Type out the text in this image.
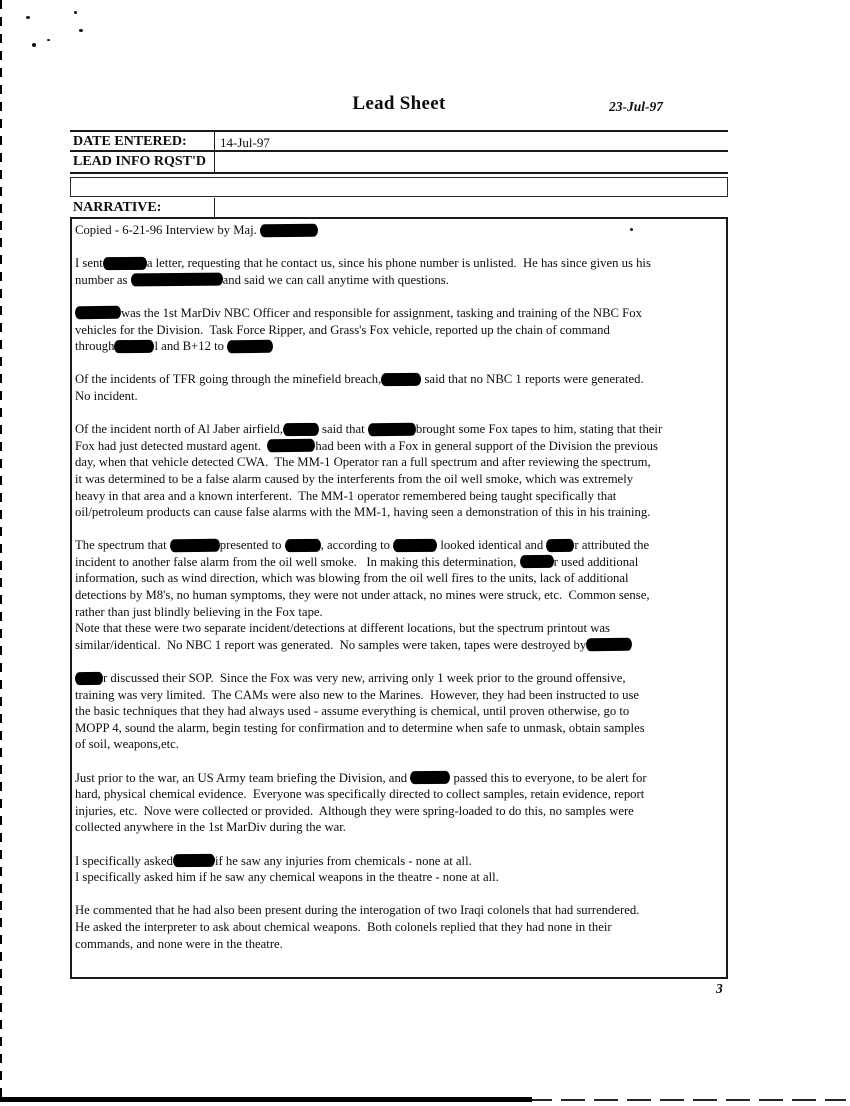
Lead Sheet	23-Jul-97
DATE ENTERED:	14-Jul-97
LEAD INFO RQST'D
NARRATIVE:

Copied - 6-21-96 Interview by Maj.

I sent	a letter, requesting that he contact us, since his phone number is unlisted.  He has since given us his
number as	and said we can call anytime with questions.

was the 1st MarDiv NBC Officer and responsible for assignment, tasking and training of the NBC Fox
vehicles for the Division.  Task Force Ripper, and Grass's Fox vehicle, reported up the chain of command
through	l and B+12 to

Of the incidents of TFR going through the minefield breach,	said that no NBC 1 reports were generated.
No incident.

Of the incident north of Al Jaber airfield,	said that	brought some Fox tapes to him, stating that their
Fox had just detected mustard agent.	had been with a Fox in general support of the Division the previous
day, when that vehicle detected CWA.  The MM-1 Operator ran a full spectrum and after reviewing the spectrum,
it was determined to be a false alarm caused by the interferents from the oil well smoke, which was extremely
heavy in that area and a known interferent.  The MM-1 operator remembered being taught specifically that
oil/petroleum products can cause false alarms with the MM-1, having seen a demonstration of this in his training.

The spectrum that	presented to	, according to	looked identical and r attributed the
incident to another false alarm from the oil well smoke.   In making this determination,	r used additional
information, such as wind direction, which was blowing from the oil well fires to the units, lack of additional
detections by M8's, no human symptoms, they were not under attack, no mines were struck, etc.  Common sense,
rather than just blindly believing in the Fox tape.
Note that these were two separate incident/detections at different locations, but the spectrum printout was
similar/identical.  No NBC 1 report was generated.  No samples were taken, tapes were destroyed by

r discussed their SOP.  Since the Fox was very new, arriving only 1 week prior to the ground offensive,
training was very limited.  The CAMs were also new to the Marines.  However, they had been instructed to use
the basic techniques that they had always used - assume everything is chemical, until proven otherwise, go to
MOPP 4, sound the alarm, begin testing for confirmation and to determine when safe to unmask, obtain samples
of soil, weapons,etc.

Just prior to the war, an US Army team briefing the Division, and	passed this to everyone, to be alert for
hard, physical chemical evidence.  Everyone was specifically directed to collect samples, retain evidence, report
injuries, etc.  Nove were collected or provided.  Although they were spring-loaded to do this, no samples were
collected anywhere in the 1st MarDiv during the war.

I specifically asked	if he saw any injuries from chemicals - none at all.
I specifically asked him if he saw any chemical weapons in the theatre - none at all.

He commented that he had also been present during the interogation of two Iraqi colonels that had surrendered.
He asked the interpreter to ask about chemical weapons.  Both colonels replied that they had none in their
commands, and none were in the theatre.

3
